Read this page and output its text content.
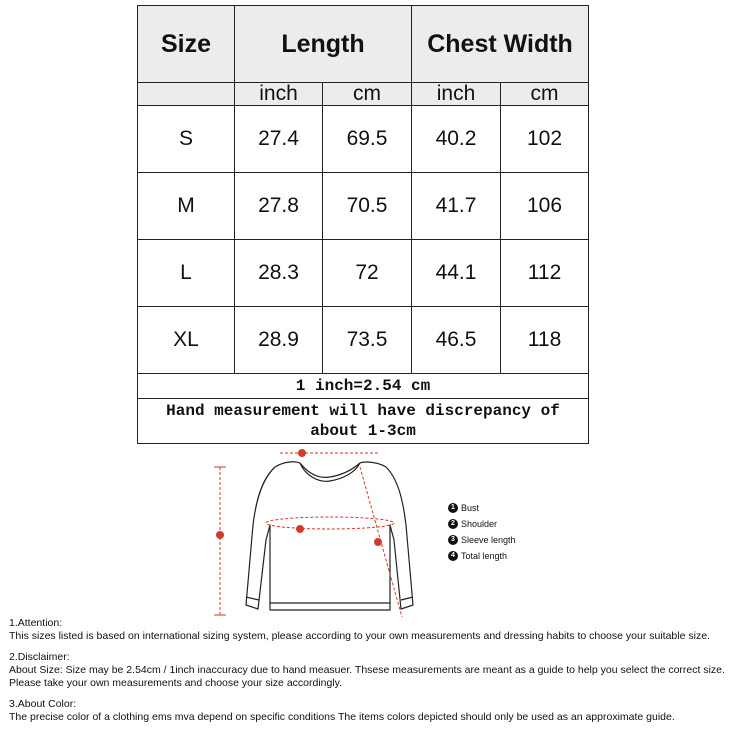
Size	Length		Chest Width	
	inch	cm	inch	cm
S	27.4	69.5	40.2	102
M	27.8	70.5	41.7	106
L	28.3	72	44.1	112
XL	28.9	73.5	46.5	118
1 inch=2.54 cm				
Hand measurement will have discrepancy of about 1-3cm				
1 Bust
2 Shoulder
3 Sleeve length
4 Total length

1.Attention:

This sizes listed is based on international sizing system, please according to your own measurements and dressing habits to choose your suitable size.

2.Disclaimer:

About Size: Size may be 2.54cm / 1inch inaccuracy due to hand measuer. Thsese measurements are meant as a guide to help you select the correct size. Please take your own measurements and choose your size accordingly.

3.About Color:

The precise color of a clothing ems mva depend on specific conditions The items colors depicted should only be used as an approximate guide.
